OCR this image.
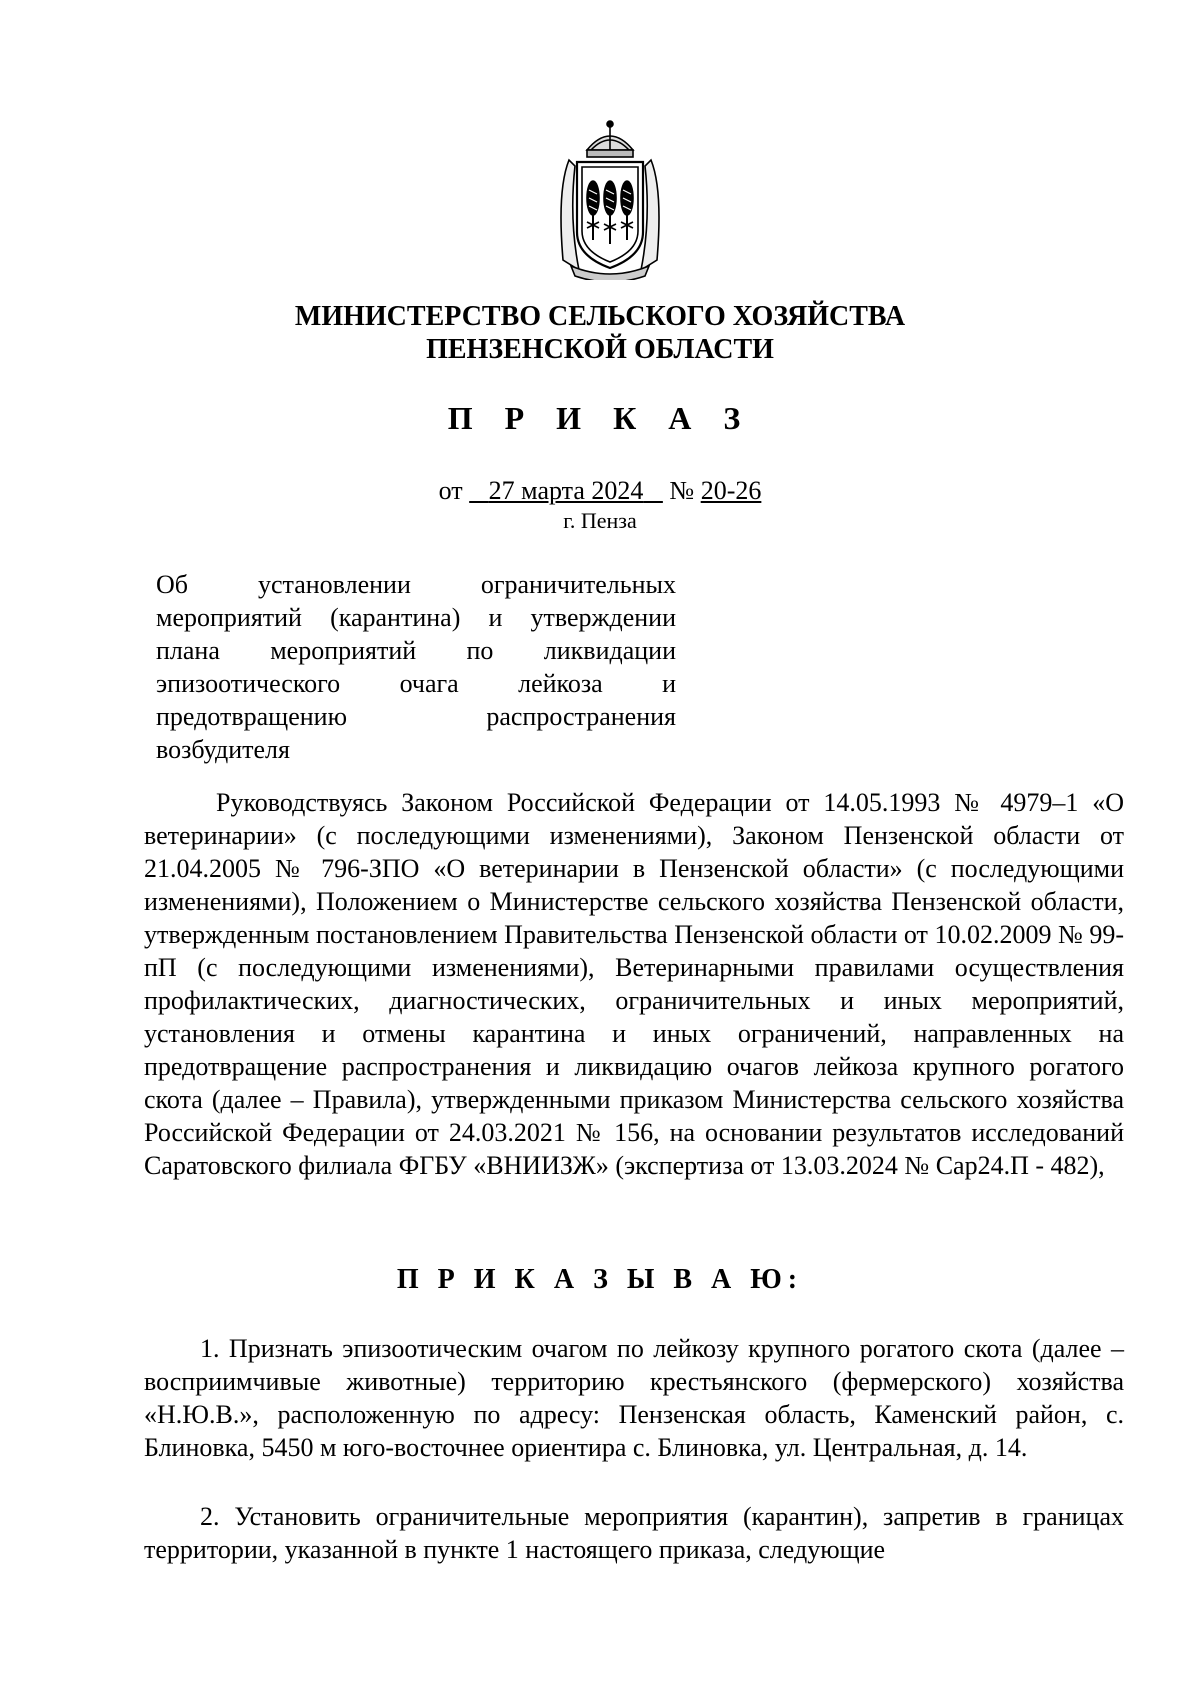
МИНИСТЕРСТВО СЕЛЬСКОГО ХОЗЯЙСТВА
ПЕНЗЕНСКОЙ ОБЛАСТИ
П Р И К А З
от 27 марта 2024 № 20-26
г. Пенза
Об установлении ограничительных
мероприятий (карантина) и утверждении
плана мероприятий по ликвидации
эпизоотического очага лейкоза и
предотвращению распространения
возбудителя

Руководствуясь Законом Российской Федерации от 14.05.1993 № 4979–1 «О ветеринарии» (с последующими изменениями), Законом Пензенской области от 21.04.2005 № 796-ЗПО «О ветеринарии в Пензенской области» (с последующими изменениями), Положением о Министерстве сельского хозяйства Пензенской области, утвержденным постановлением Правительства Пензенской области от 10.02.2009 № 99-пП (с последующими изменениями), Ветеринарными правилами осуществления профилактических, диагностических, ограничительных и иных мероприятий, установления и отмены карантина и иных ограничений, направленных на предотвращение распространения и ликвидацию очагов лейкоза крупного рогатого скота (далее – Правила), утвержденными приказом Министерства сельского хозяйства Российской Федерации от 24.03.2021 № 156, на основании результатов исследований Саратовского филиала ФГБУ «ВНИИЗЖ» (экспертиза от 13.03.2024 № Сар24.П - 482),

П Р И К А З Ы В А Ю:

1. Признать эпизоотическим очагом по лейкозу крупного рогатого скота (далее – восприимчивые животные) территорию крестьянского (фермерского) хозяйства «Н.Ю.В.», расположенную по адресу: Пензенская область, Каменский район, с. Блиновка, 5450 м юго-восточнее ориентира с. Блиновка, ул. Центральная, д. 14.

2. Установить ограничительные мероприятия (карантин), запретив в границах территории, указанной в пункте 1 настоящего приказа, следующие
